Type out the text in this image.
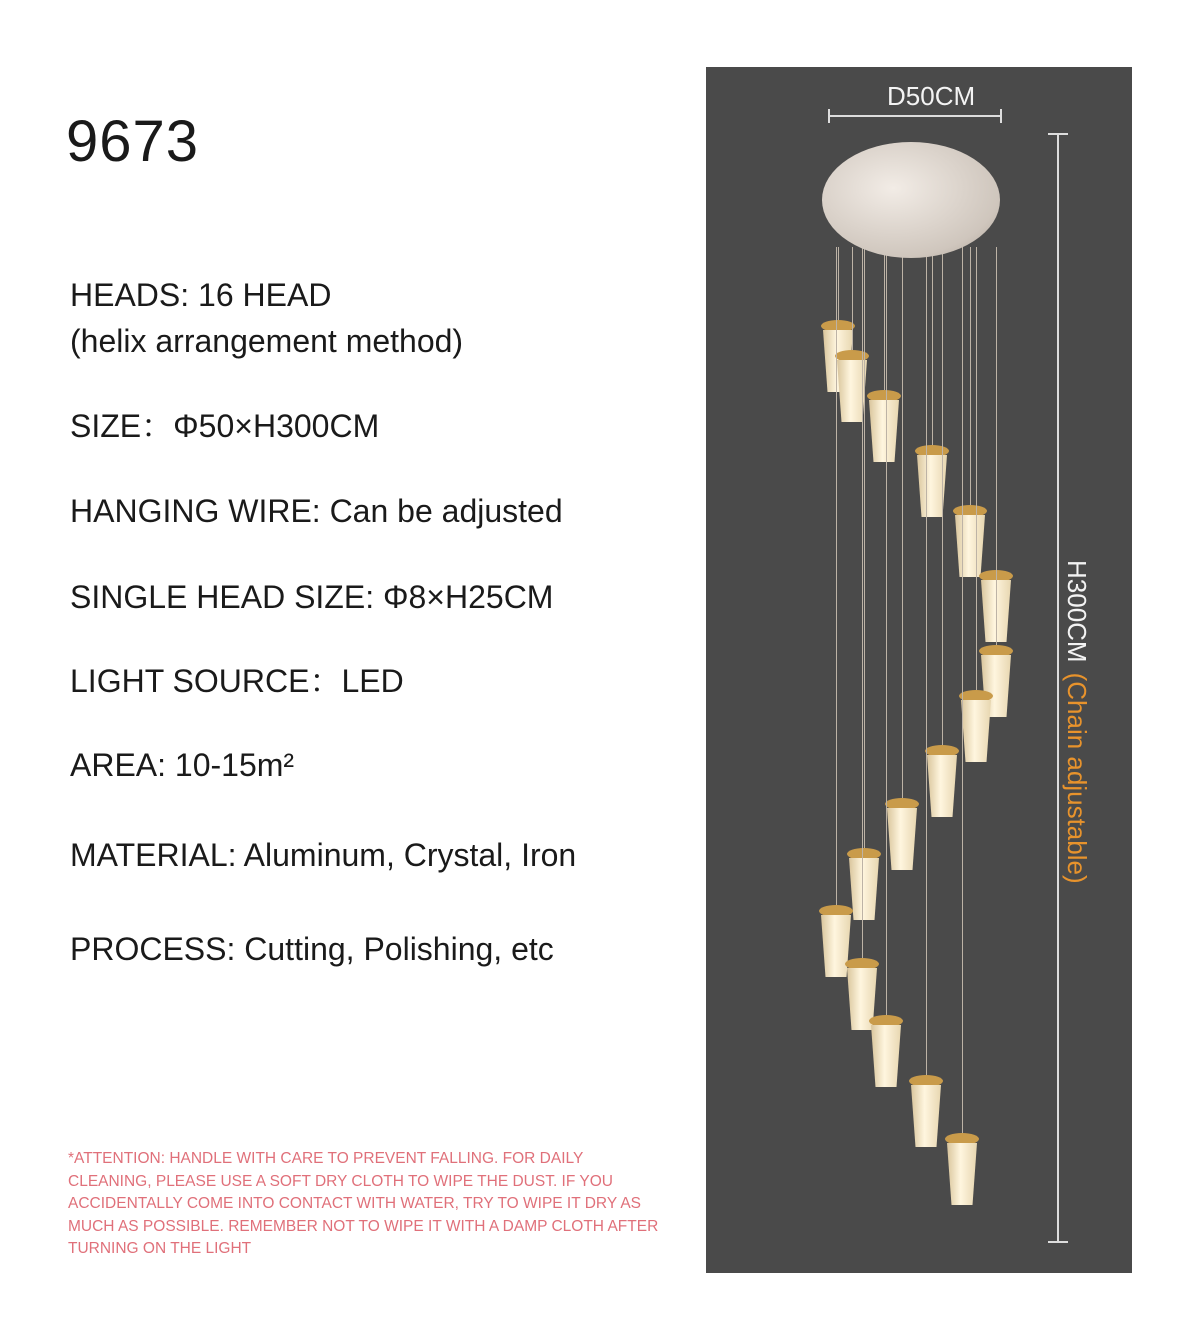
9673
HEADS: 16 HEAD
(helix arrangement method)
SIZE：Φ50×H300CM
HANGING WIRE: Can be adjusted
SINGLE HEAD SIZE: Φ8×H25CM
LIGHT SOURCE：LED
AREA: 10-15m²
MATERIAL: Aluminum, Crystal, Iron
PROCESS: Cutting, Polishing, etc
*ATTENTION: HANDLE WITH CARE TO PREVENT FALLING. FOR DAILY CLEANING, PLEASE USE A SOFT DRY CLOTH TO WIPE THE DUST. IF YOU ACCIDENTALLY COME INTO CONTACT WITH WATER, TRY TO WIPE IT DRY AS MUCH AS POSSIBLE. REMEMBER NOT TO WIPE IT WITH A DAMP CLOTH AFTER TURNING ON THE LIGHT
D50CM
H300CM(Chain adjustable)
